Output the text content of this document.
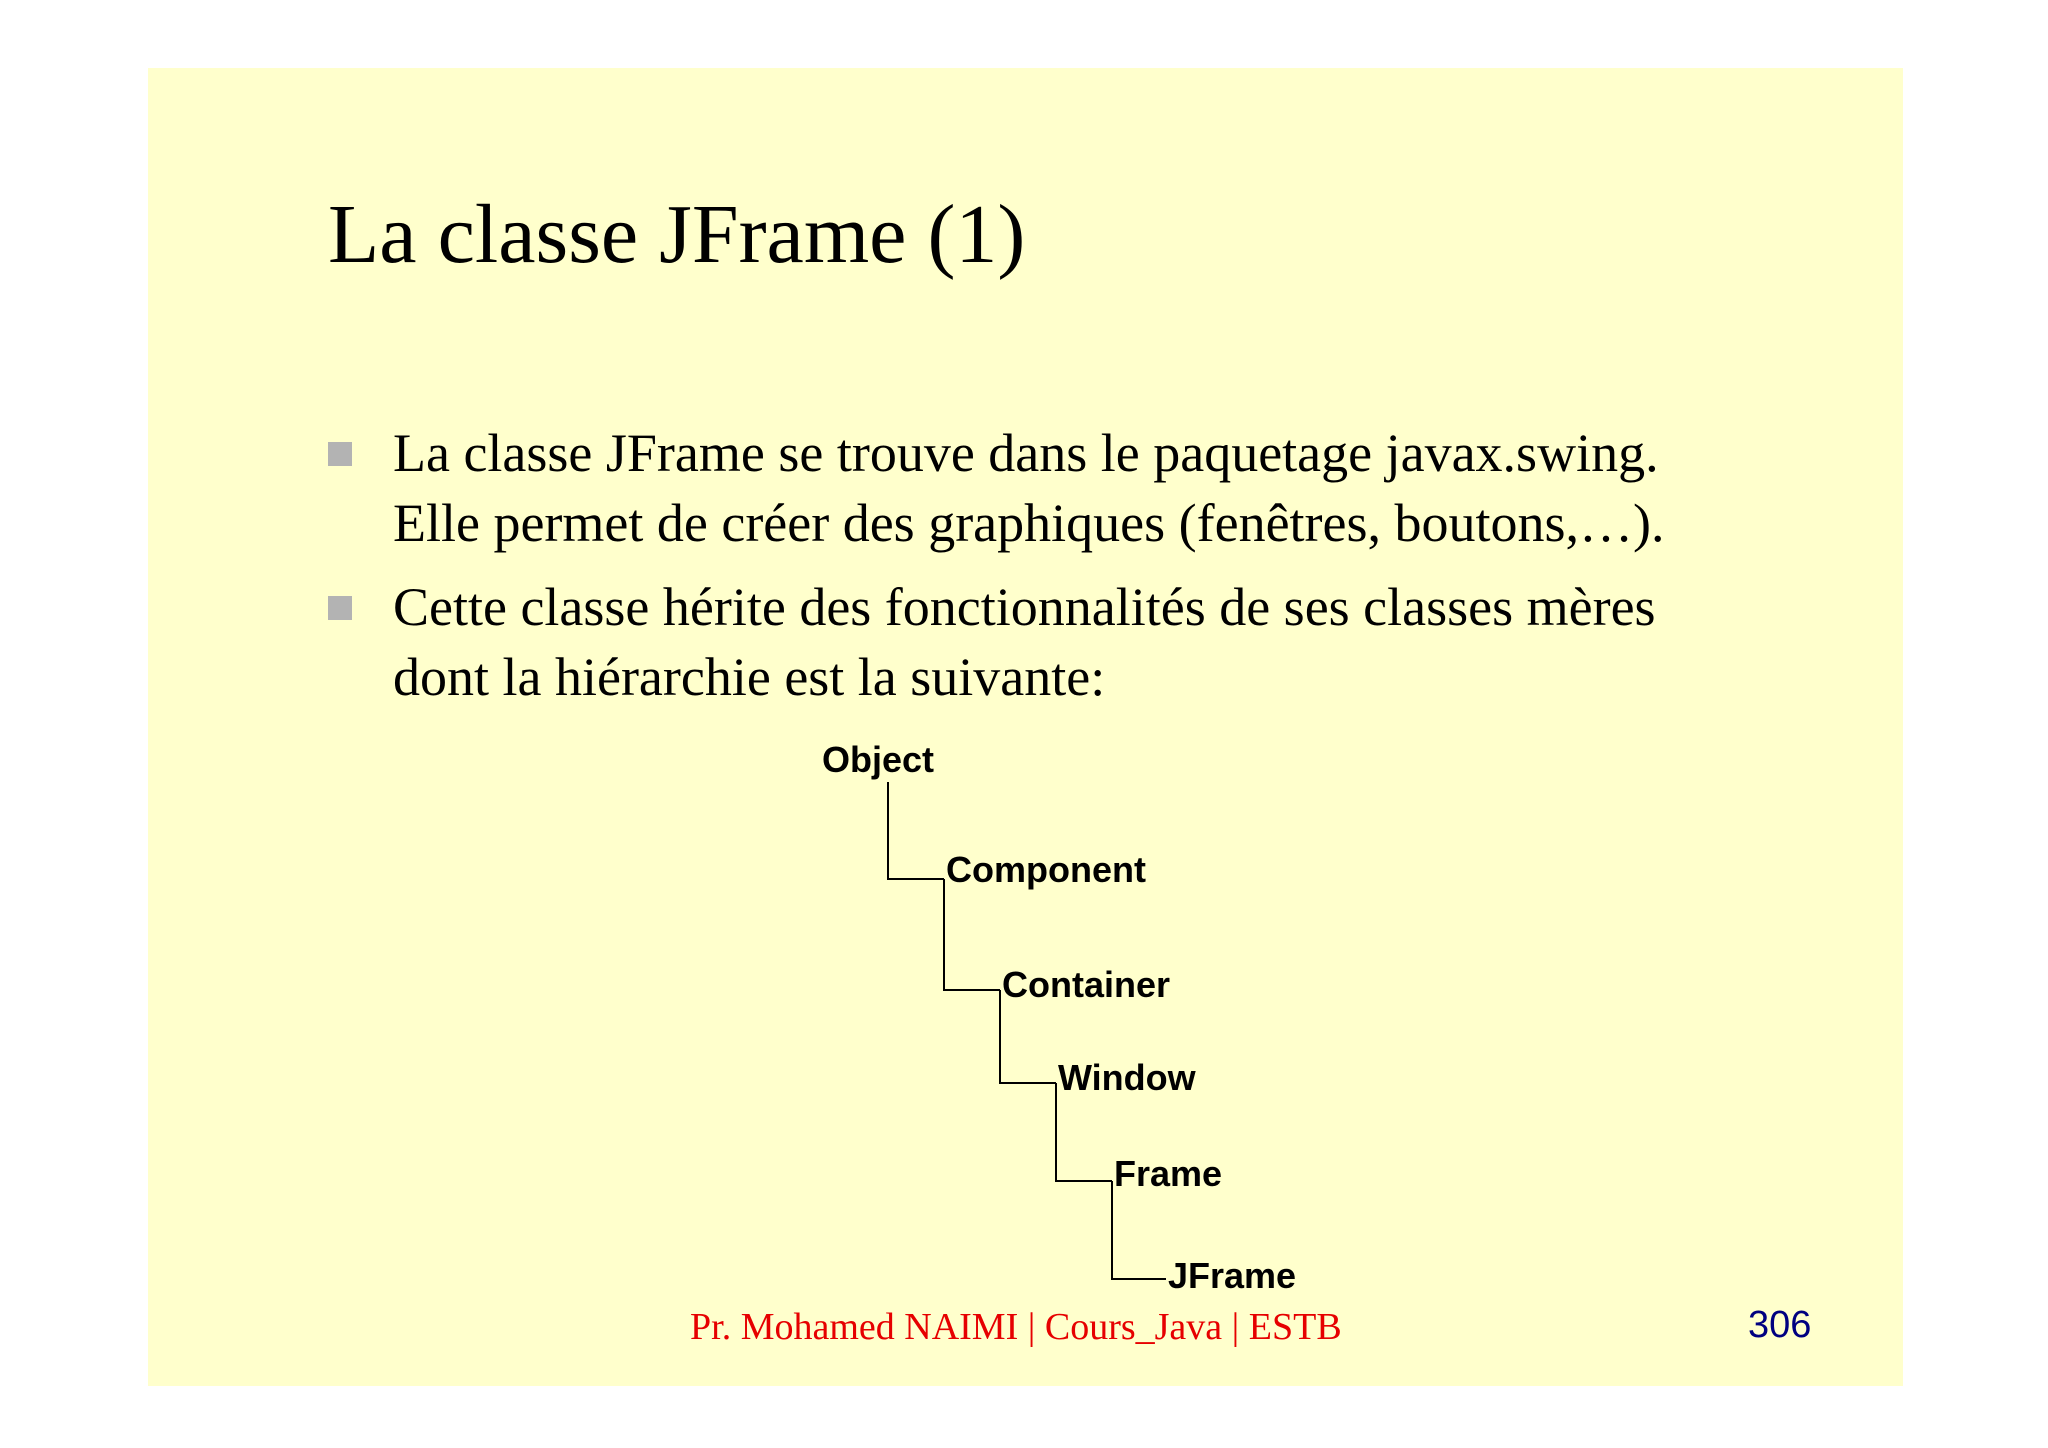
La classe JFrame (1)
La classe JFrame se trouve dans le paquetage javax.swing.
Elle permet de créer des graphiques (fenêtres, boutons,…).
Cette classe hérite des fonctionnalités de ses classes mères
dont la hiérarchie est la suivante:
Object
Component
Container
Window
Frame
JFrame
Pr. Mohamed NAIMI | Cours_Java | ESTB	306
